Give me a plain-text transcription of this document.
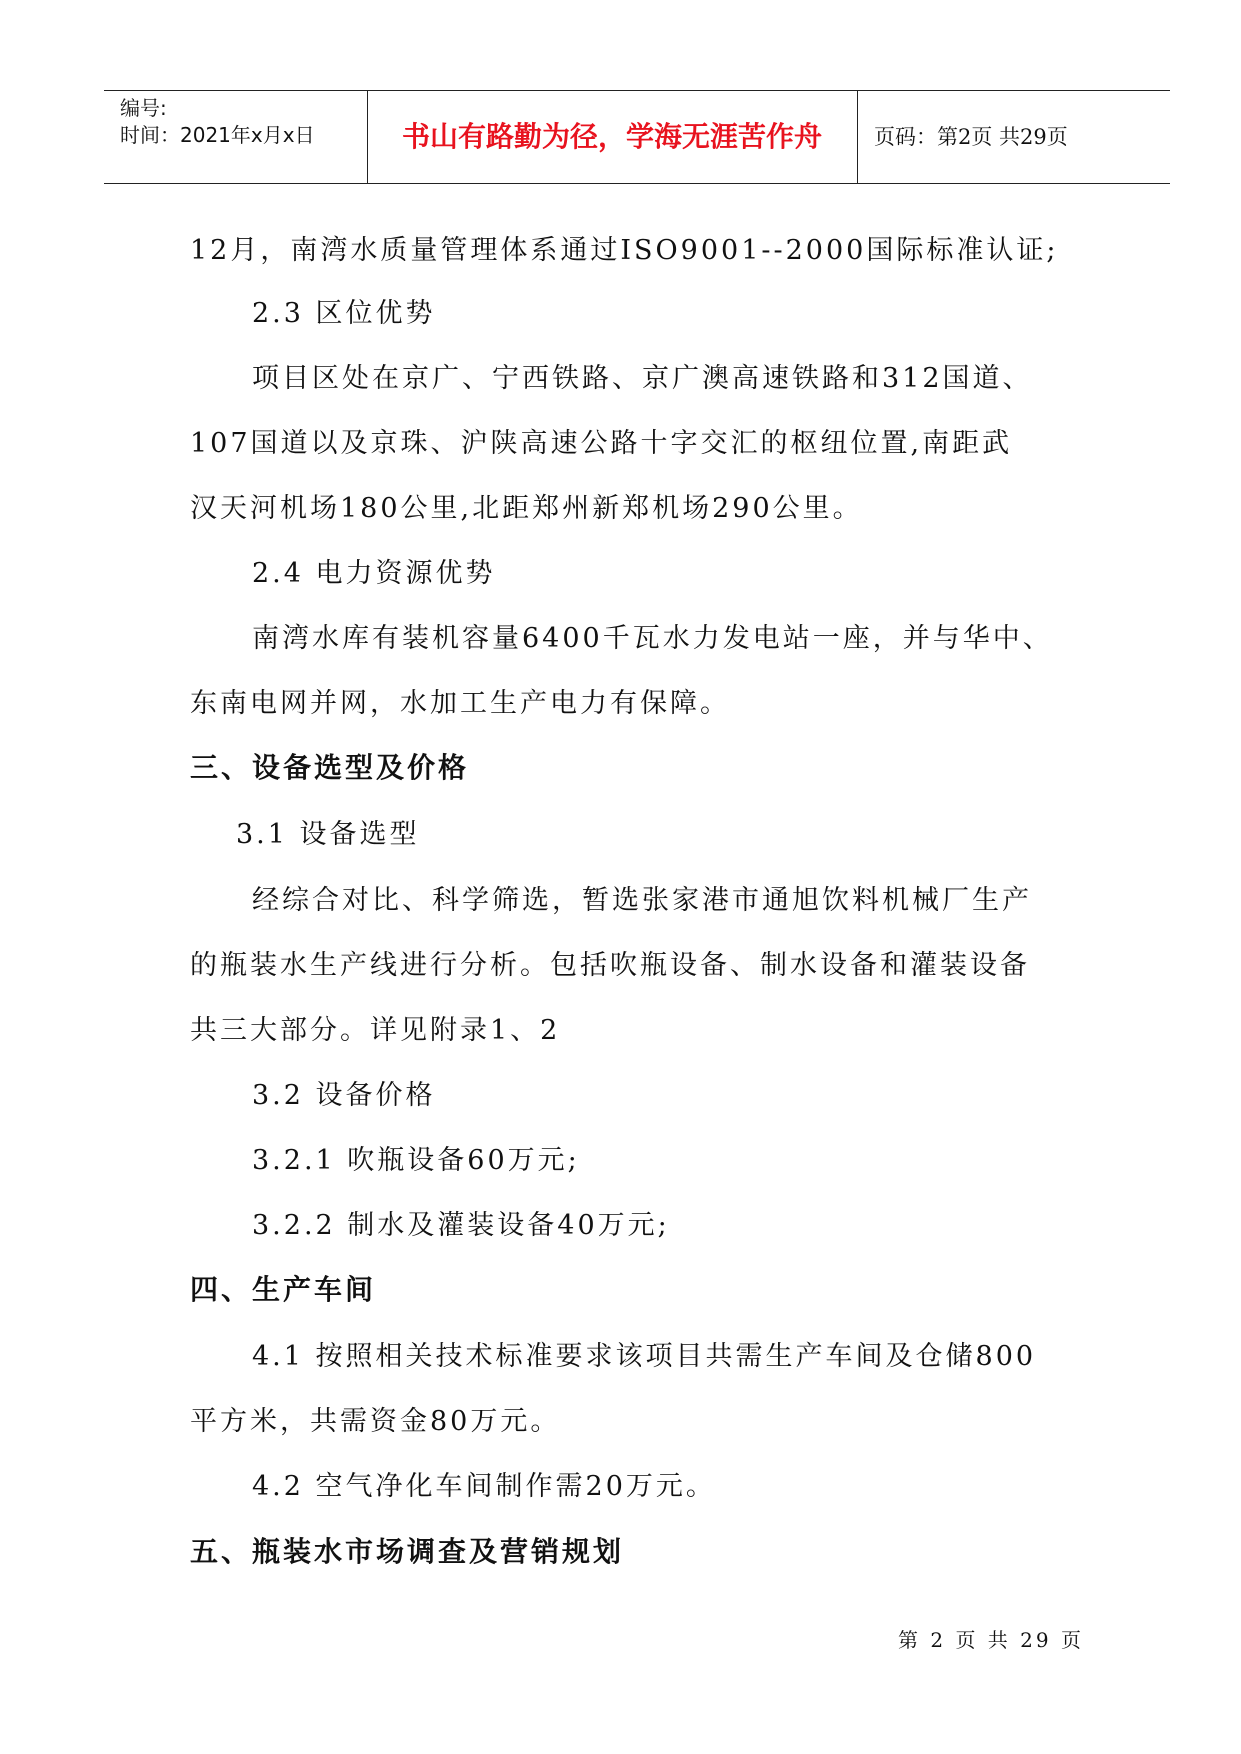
编号:
时间：2021年x月x日	书山有路勤为径，学海无涯苦作舟	页码：第2页 共29页
12月，南湾水质量管理体系通过ISO9001--2000国际标准认证;
2.3 区位优势
项目区处在京广、宁西铁路、京广澳高速铁路和312国道、
107国道以及京珠、沪陕高速公路十字交汇的枢纽位置,南距武
汉天河机场180公里,北距郑州新郑机场290公里。
2.4 电力资源优势
南湾水库有装机容量6400千瓦水力发电站一座，并与华中、
东南电网并网，水加工生产电力有保障。
三、设备选型及价格
3.1 设备选型
经综合对比、科学筛选，暂选张家港市通旭饮料机械厂生产
的瓶装水生产线进行分析。包括吹瓶设备、制水设备和灌装设备
共三大部分。详见附录1、2
3.2 设备价格
3.2.1 吹瓶设备60万元;
3.2.2 制水及灌装设备40万元;
四、生产车间
4.1 按照相关技术标准要求该项目共需生产车间及仓储800
平方米，共需资金80万元。
4.2 空气净化车间制作需20万元。
五、瓶装水市场调查及营销规划
第 2 页 共 29 页
